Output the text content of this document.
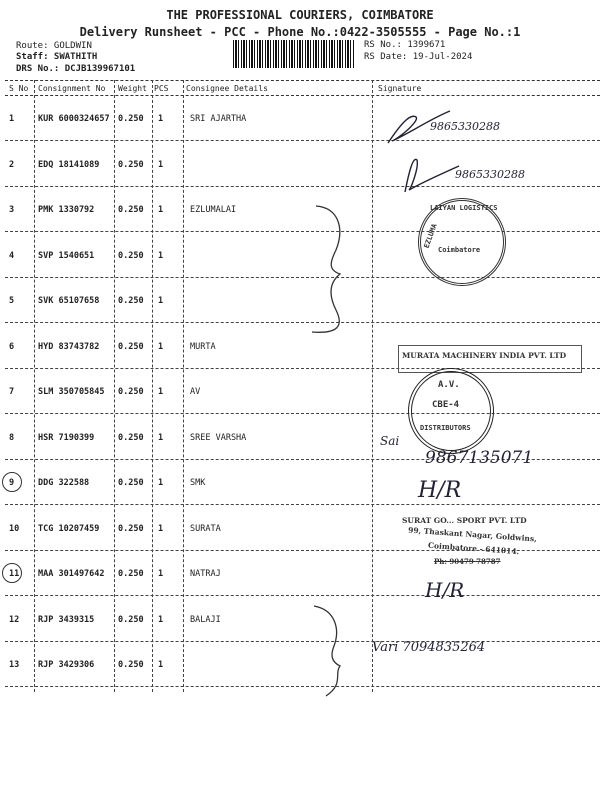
THE PROFESSIONAL COURIERS, COIMBATORE
Delivery Runsheet - PCC - Phone No.:0422-3505555 - Page No.:1
Route: GOLDWIN
Staff: SWATHITH
DRS No.: DCJB139967101
RS No.: 1399671
RS Date: 19-Jul-2024
S No Consignment No Weight PCS Consignee Details	Signature
1	KUR 6000324657 0.250 1	SRI AJARTHA
2	EDQ 18141089 0.250 1
3	PMK 1330792	0.250 1	EZLUMALAI
4	SVP 1540651	0.250 1
5	SVK 65107658 0.250 1
6	HYD 83743782 0.250 1	MURTA
7	SLM 350705845 0.250 1	AV
8	HSR 7190399	0.250 1	SREE VARSHA
9	DDG 322588	0.250 1	SMK
10 TCG 10207459 0.250 1	SURATA
11 MAA 301497642 0.250 1	NATRAJ
12 RJP 3439315	0.250 1	BALAJI
13 RJP 3429306	0.250 1
9865330288
9865330288
LAIYAN LOGISTICS
EZLUMA
Coimbatore
MURATA MACHINERY INDIA PVT. LTD
A.V.
CBE-4
DISTRIBUTORS
Sai
9867135071
H/R
H/R
SURAT GO... SPORT PVT. LTD
99, Thaskant Nagar, Goldwins,
Coimbatore - 641014.
Ph: 90479 78787
Vari 7094835264
